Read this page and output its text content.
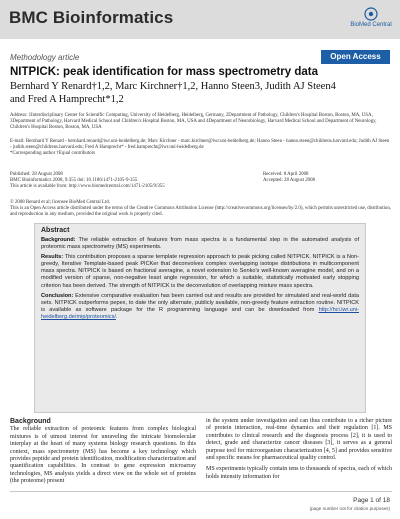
BMC Bioinformatics	BioMed Central
Methodology article	Open Access
NITPICK: peak identification for mass spectrometry data
Bernhard Y Renard†1,2, Marc Kirchner†1,2, Hanno Steen3, Judith AJ Steen4
and Fred A Hamprecht*1,2
Address: 1Interdisciplinary Center for Scientific Computing, University of Heidelberg, Heidelberg, Germany, 2Department of Pathology, Children's Hospital Boston, Boston, MA, USA, 3Department of Pathology, Harvard Medical School and Children's Hospital Boston, MA, USA and 4Department of Neurobiology, Harvard Medical School and Department of Neurology, Children's Hospital Boston, Boston, MA, USA
E-mail: Bernhard Y Renard - bernhard.renard@iwr.uni-heidelberg.de; Marc Kirchner - marc.kirchner@iwr.uni-heidelberg.de; Hanno Steen - hanno.steen@childrens.harvard.edu; Judith AJ Steen - judith.steen@childrens.harvard.edu; Fred A Hamprecht* - fred.hamprecht@iwr.uni-heidelberg.de
*Corresponding author †Equal contributors
Published: 28 August 2008
BMC Bioinformatics 2008, 9:355 doi: 10.1186/1471-2105-9-355
This article is available from: http://www.biomedcentral.com/1471-2105/9/355
Received: 8 April 2008
Accepted: 28 August 2008
© 2008 Renard et al; licensee BioMed Central Ltd.
This is an Open Access article distributed under the terms of the Creative Commons Attribution License (http://creativecommons.org/licenses/by/2.0), which permits unrestricted use, distribution, and reproduction in any medium, provided the original work is properly cited.
Abstract

Background: The reliable extraction of features from mass spectra is a fundamental step in the automated analysis of proteomic mass spectrometry (MS) experiments.

Results: This contribution proposes a sparse template regression approach to peak picking called NITPICK. NITPICK is a Non-greedy, Iterative Template-based peak PICKer that deconvolves complex overlapping isotope distributions in multicomponent mass spectra. NITPICK is based on fractional averagine, a novel extension to Senko's well-known averagine model, and on a modified version of sparse, non-negative least angle regression, for which a suitable, statistically motivated early stopping criterion has been derived. The strength of NITPICK is the deconvolution of overlapping mixture mass spectra.

Conclusion: Extensive comparative evaluation has been carried out and results are provided for simulated and real-world data sets. NITPICK outperforms pepex, to date the only alternate, publicly available, non-greedy feature extraction routine. NITPICK is available as software package for the R programming language and can be downloaded from http://hci.iwr.uni-heidelberg.de/mip/proteomics/.

Background

The reliable extraction of proteomic features from complex biological mixtures is of utmost interest for unraveling the intricate biomolecular interplay at the heart of many systems biology research questions. In this context, mass spectrometry (MS) has become a key technology which provides peptide and protein identification, modification characterization and quantification capabilities. In contrast to gene expression microarray technologies, MS analysis yields a direct view on the whole set of proteins (the proteome) present

in the system under investigation and can thus contribute to a richer picture of protein interaction, real-time dynamics and their regulation [1]. MS contributes to clinical research and the diagnosis process [2], it is used to detect, grade and characterize cancer diseases [3], it serves as a general purpose tool for microorganism characterization [4, 5] and provides sensitive and specific means for pharmaceutical quality control.

MS experiments typically contain tens to thousands of spectra, each of which holds intensity information for

Page 1 of 18
(page number not for citation purposes)
